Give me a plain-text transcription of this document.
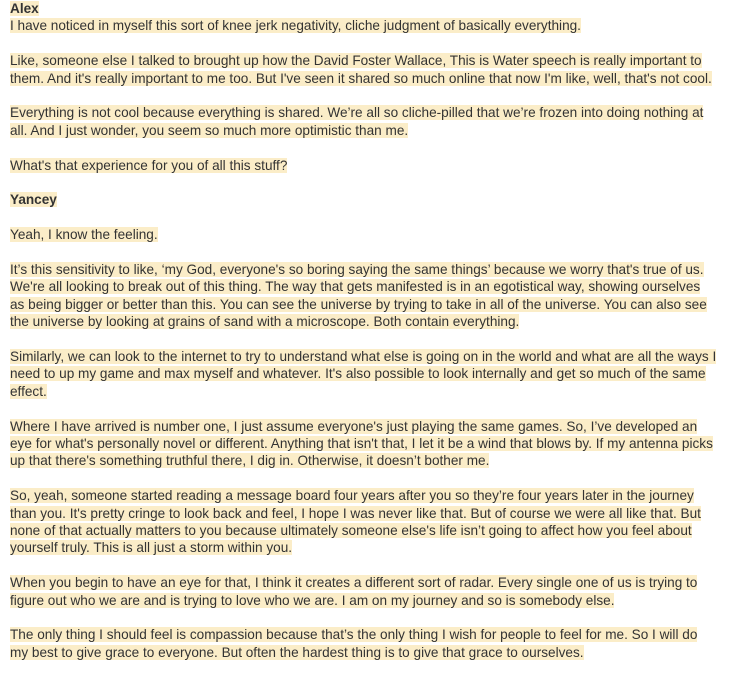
Alex

I have noticed in myself this sort of knee jerk negativity, cliche judgment of basically everything.

Like, someone else I talked to brought up how the David Foster Wallace, This is Water speech is really important to them. And it's really important to me too. But I've seen it shared so much online that now I'm like, well, that's not cool.

Everything is not cool because everything is shared. We’re all so cliche-pilled that we’re frozen into doing nothing at all. And I just wonder, you seem so much more optimistic than me.

What's that experience for you of all this stuff?

Yancey

Yeah, I know the feeling.

It’s this sensitivity to like, ‘my God, everyone's so boring saying the same things’ because we worry that's true of us. We're all looking to break out of this thing. The way that gets manifested is in an egotistical way, showing ourselves as being bigger or better than this. You can see the universe by trying to take in all of the universe. You can also see the universe by looking at grains of sand with a microscope. Both contain everything.

Similarly, we can look to the internet to try to understand what else is going on in the world and what are all the ways I need to up my game and max myself and whatever. It's also possible to look internally and get so much of the same effect.

Where I have arrived is number one, I just assume everyone's just playing the same games. So, I’ve developed an eye for what's personally novel or different. Anything that isn't that, I let it be a wind that blows by. If my antenna picks up that there's something truthful there, I dig in. Otherwise, it doesn’t bother me.

So, yeah, someone started reading a message board four years after you so they’re four years later in the journey than you. It's pretty cringe to look back and feel, I hope I was never like that. But of course we were all like that. But none of that actually matters to you because ultimately someone else's life isn’t going to affect how you feel about yourself truly. This is all just a storm within you.

When you begin to have an eye for that, I think it creates a different sort of radar. Every single one of us is trying to figure out who we are and is trying to love who we are. I am on my journey and so is somebody else.

The only thing I should feel is compassion because that’s the only thing I wish for people to feel for me. So I will do my best to give grace to everyone. But often the hardest thing is to give that grace to ourselves.
